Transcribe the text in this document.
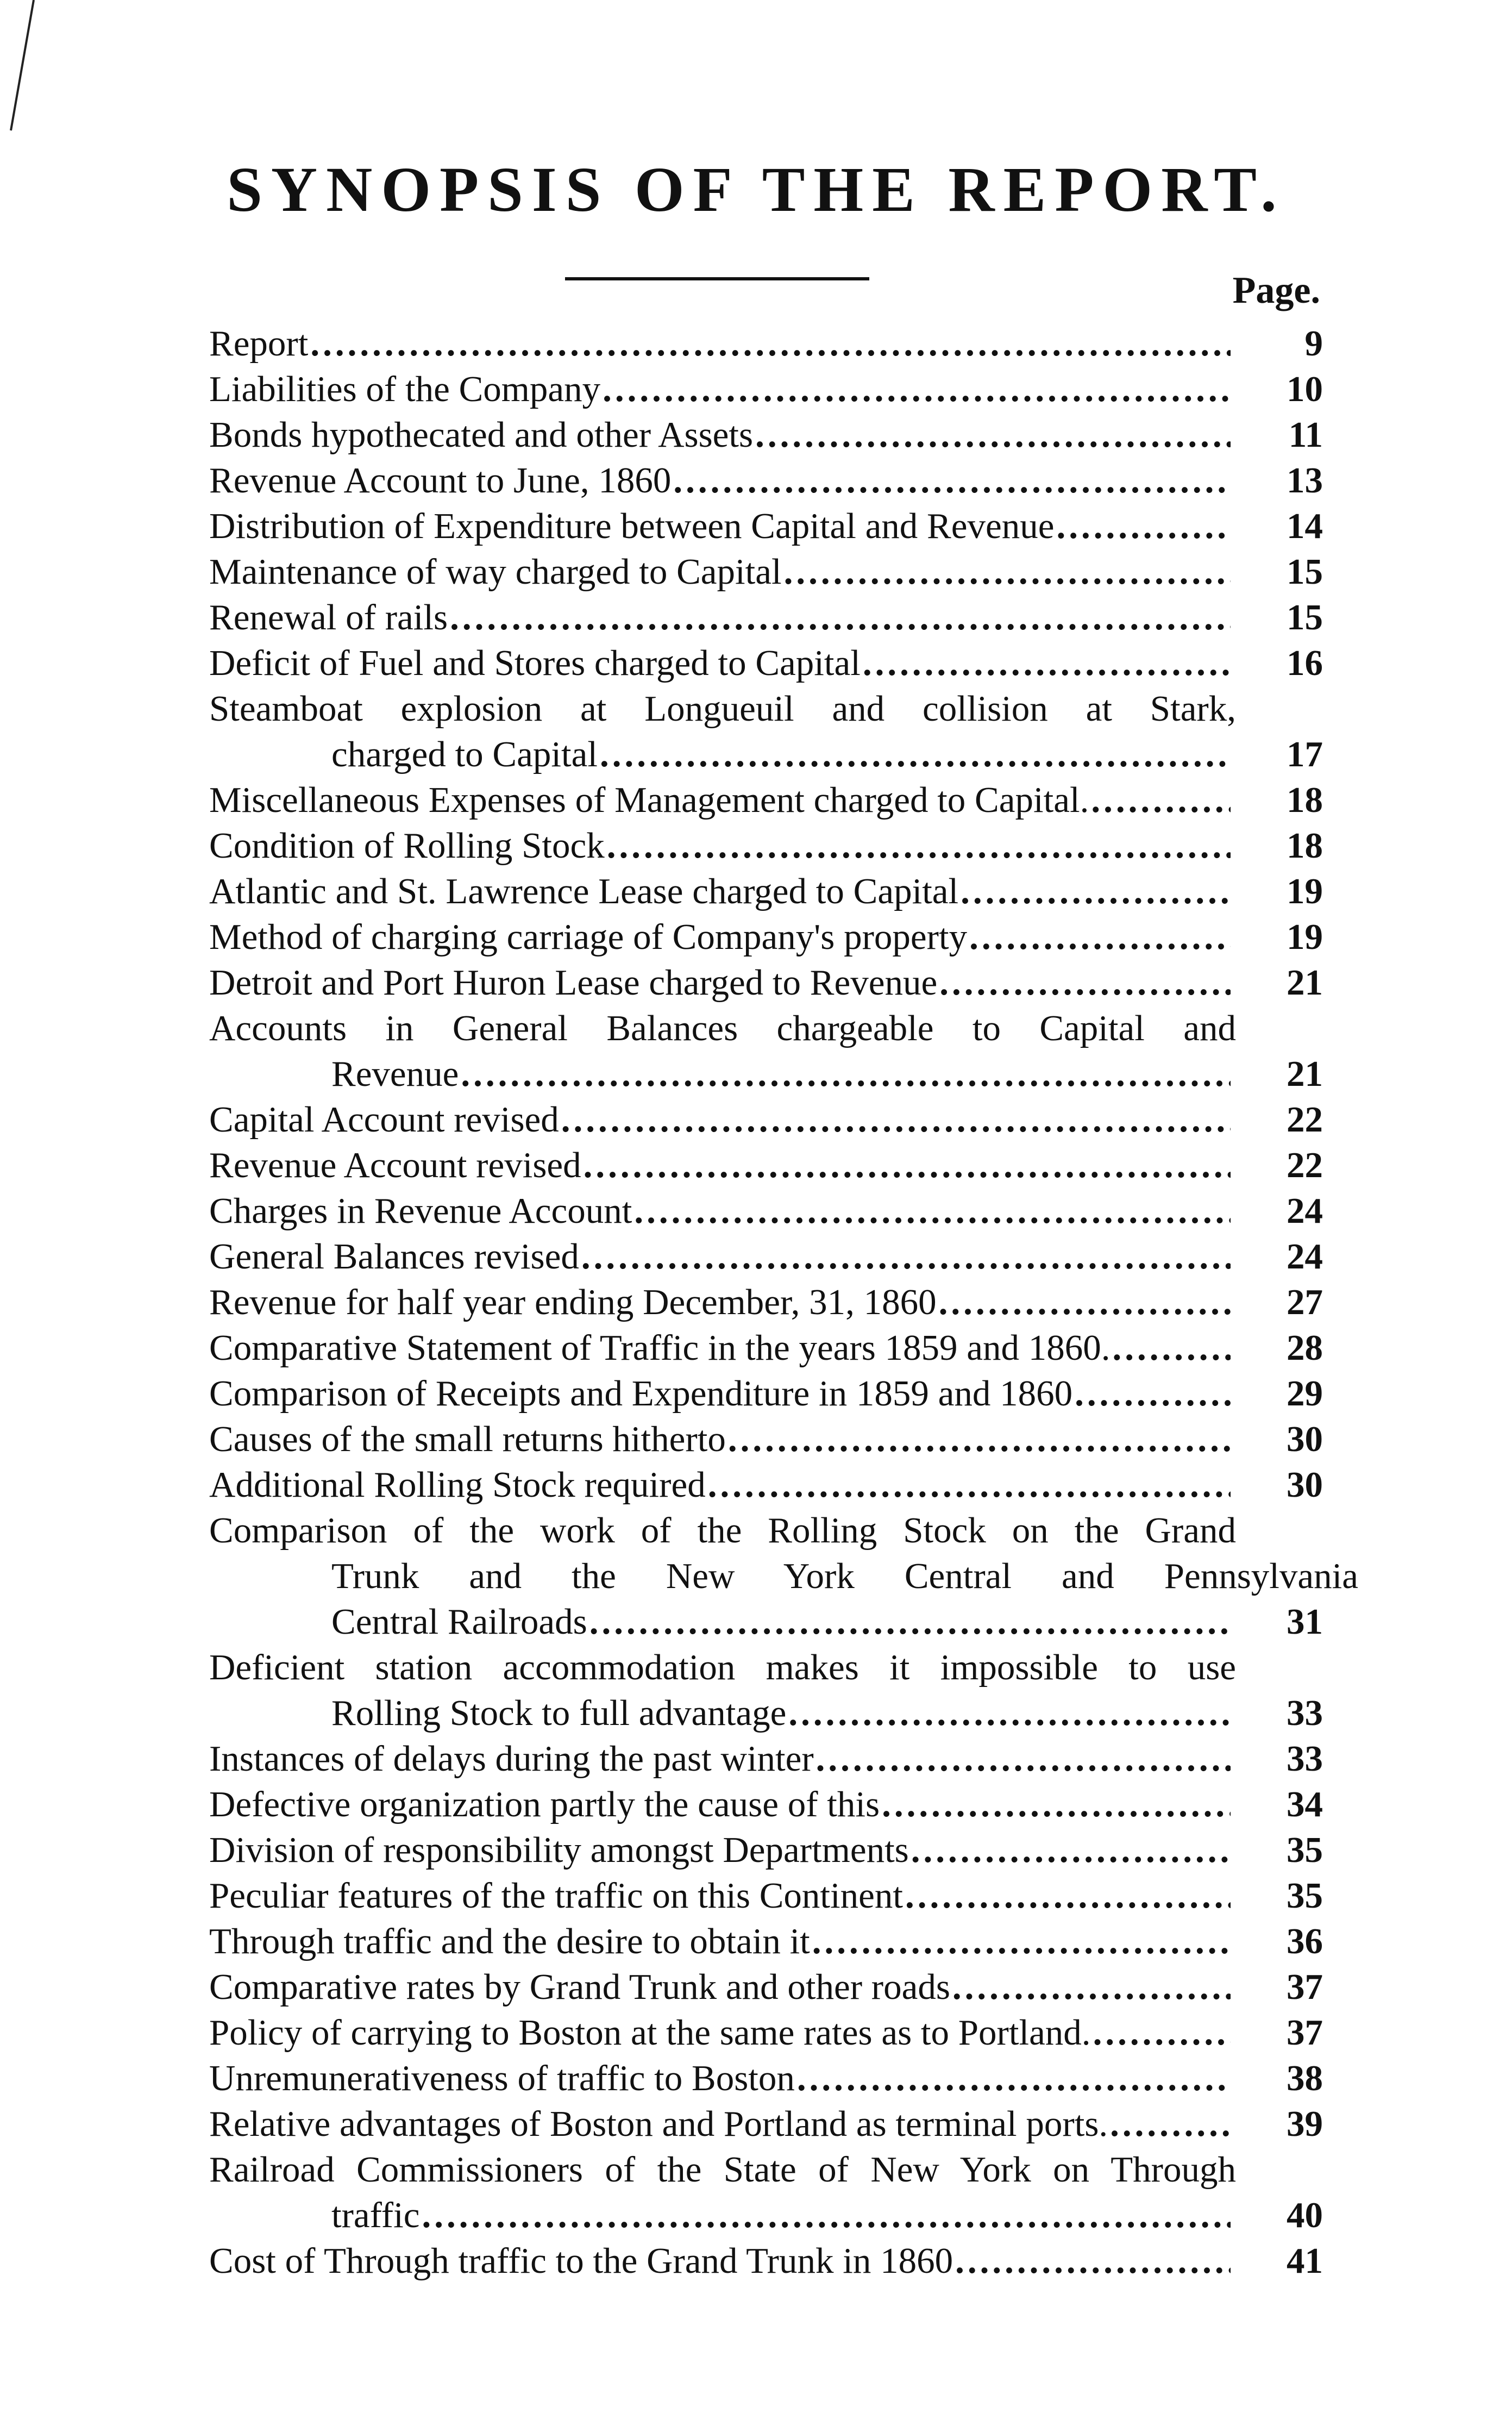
SYNOPSIS OF THE REPORT.
Page.
Report .....	9
Liabilities of the Company .....	10
Bonds hypothecated and other Assets .....	11
Revenue Account to June, 1860 .....	13
Distribution of Expenditure between Capital and Revenue .....	14
Maintenance of way charged to Capital .....	15
Renewal of rails .....	15
Deficit of Fuel and Stores charged to Capital .....	16
Steamboat explosion at Longueuil and collision at Stark,
charged to Capital .....	17
Miscellaneous Expenses of Management charged to Capital. .....	18
Condition of Rolling Stock .....	18
Atlantic and St. Lawrence Lease charged to Capital .....	19
Method of charging carriage of Company's property .....	19
Detroit and Port Huron Lease charged to Revenue .....	21
Accounts in General Balances chargeable to Capital and
Revenue .....	21
Capital Account revised .....	22
Revenue Account revised .....	22
Charges in Revenue Account .....	24
General Balances revised .....	24
Revenue for half year ending December, 31, 1860 .....	27
Comparative Statement of Traffic in the years 1859 and 1860. .....	28
Comparison of Receipts and Expenditure in 1859 and 1860 .....	29
Causes of the small returns hitherto .....	30
Additional Rolling Stock required .....	30
Comparison of the work of the Rolling Stock on the Grand
Trunk and the New York Central and Pennsylvania
Central Railroads .....	31
Deficient station accommodation makes it impossible to use
Rolling Stock to full advantage .....	33
Instances of delays during the past winter .....	33
Defective organization partly the cause of this .....	34
Division of responsibility amongst Departments .....	35
Peculiar features of the traffic on this Continent .....	35
Through traffic and the desire to obtain it .....	36
Comparative rates by Grand Trunk and other roads .....	37
Policy of carrying to Boston at the same rates as to Portland. .....	37
Unremunerativeness of traffic to Boston .....	38
Relative advantages of Boston and Portland as terminal ports. .....	39
Railroad Commissioners of the State of New York on Through
traffic .....	40
Cost of Through traffic to the Grand Trunk in 1860 .....	41
